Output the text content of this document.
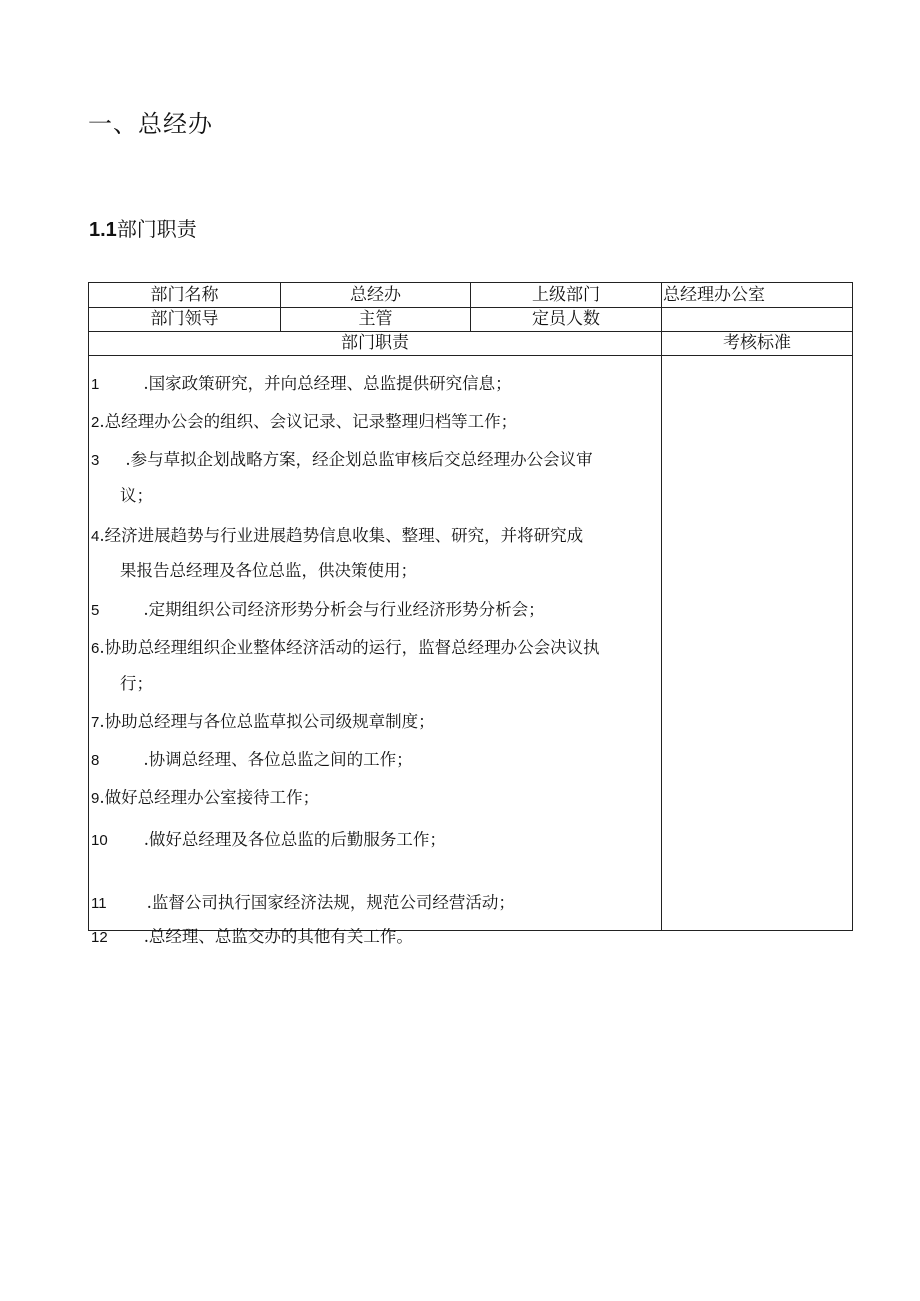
一、总经办
1.1部门职责
部门名称	总经办	上级部门	总经理办公室
部门领导	主管	定员人数
部门职责	考核标准
1	.国家政策研究，并向总经理、总监提供研究信息；
2.总经理办公会的组织、会议记录、记录整理归档等工作；
3 .参与草拟企划战略方案，经企划总监审核后交总经理办公会议审
议；
4.经济进展趋势与行业进展趋势信息收集、整理、研究，并将研究成
果报告总经理及各位总监，供决策使用；
5	.定期组织公司经济形势分析会与行业经济形势分析会；
6.协助总经理组织企业整体经济活动的运行，监督总经理办公会决议执
行；
7.协助总经理与各位总监草拟公司级规章制度；
8	.协调总经理、各位总监之间的工作；
9.做好总经理办公室接待工作；
10 .做好总经理及各位总监的后勤服务工作；
11 .监督公司执行国家经济法规，规范公司经营活动；
12 .总经理、总监交办的其他有关工作。
